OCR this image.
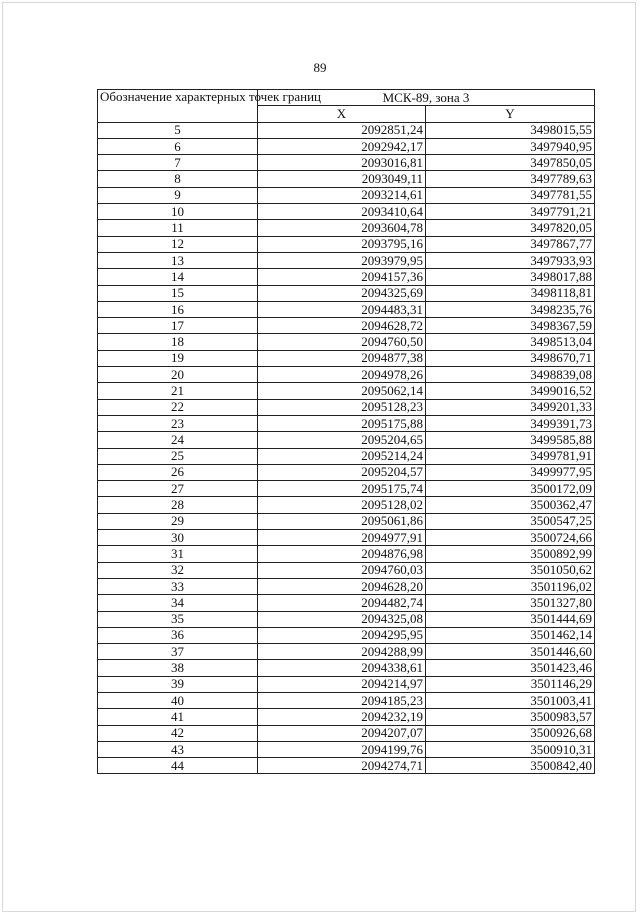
89
Обозначение характерных точек границ	МСК-89, зона 3	
	X	Y
5	2092851,24	3498015,55
6	2092942,17	3497940,95
7	2093016,81	3497850,05
8	2093049,11	3497789,63
9	2093214,61	3497781,55
10	2093410,64	3497791,21
11	2093604,78	3497820,05
12	2093795,16	3497867,77
13	2093979,95	3497933,93
14	2094157,36	3498017,88
15	2094325,69	3498118,81
16	2094483,31	3498235,76
17	2094628,72	3498367,59
18	2094760,50	3498513,04
19	2094877,38	3498670,71
20	2094978,26	3498839,08
21	2095062,14	3499016,52
22	2095128,23	3499201,33
23	2095175,88	3499391,73
24	2095204,65	3499585,88
25	2095214,24	3499781,91
26	2095204,57	3499977,95
27	2095175,74	3500172,09
28	2095128,02	3500362,47
29	2095061,86	3500547,25
30	2094977,91	3500724,66
31	2094876,98	3500892,99
32	2094760,03	3501050,62
33	2094628,20	3501196,02
34	2094482,74	3501327,80
35	2094325,08	3501444,69
36	2094295,95	3501462,14
37	2094288,99	3501446,60
38	2094338,61	3501423,46
39	2094214,97	3501146,29
40	2094185,23	3501003,41
41	2094232,19	3500983,57
42	2094207,07	3500926,68
43	2094199,76	3500910,31
44	2094274,71	3500842,40
